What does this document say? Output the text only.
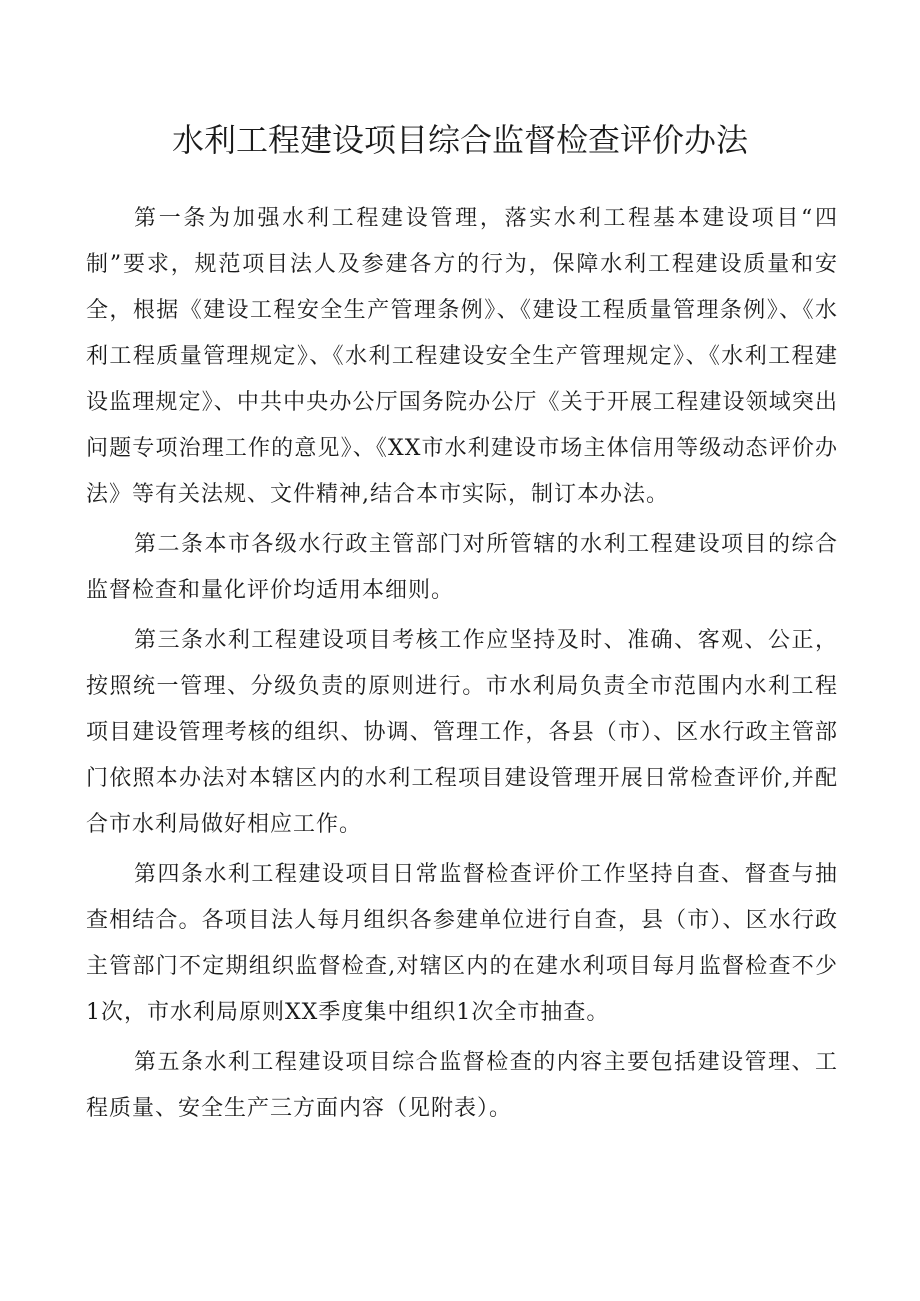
水利工程建设项目综合监督检查评价办法

第一条为加强水利工程建设管理，落实水利工程基本建设项目“四制”要求，规范项目法人及参建各方的行为，保障水利工程建设质量和安全，根据《建设工程安全生产管理条例》、《建设工程质量管理条例》、《水利工程质量管理规定》、《水利工程建设安全生产管理规定》、《水利工程建设监理规定》、中共中央办公厅国务院办公厅《关于开展工程建设领域突出问题专项治理工作的意见》、《XX市水利建设市场主体信用等级动态评价办法》等有关法规、文件精神,结合本市实际，制订本办法。

第二条本市各级水行政主管部门对所管辖的水利工程建设项目的综合监督检查和量化评价均适用本细则。

第三条水利工程建设项目考核工作应坚持及时、准确、客观、公正，按照统一管理、分级负责的原则进行。市水利局负责全市范围内水利工程项目建设管理考核的组织、协调、管理工作，各县（市）、区水行政主管部门依照本办法对本辖区内的水利工程项目建设管理开展日常检查评价,并配合市水利局做好相应工作。

第四条水利工程建设项目日常监督检查评价工作坚持自查、督查与抽查相结合。各项目法人每月组织各参建单位进行自查，县（市）、区水行政主管部门不定期组织监督检查,对辖区内的在建水利项目每月监督检查不少1次，市水利局原则XX季度集中组织1次全市抽查。

第五条水利工程建设项目综合监督检查的内容主要包括建设管理、工程质量、安全生产三方面内容（见附表）。
